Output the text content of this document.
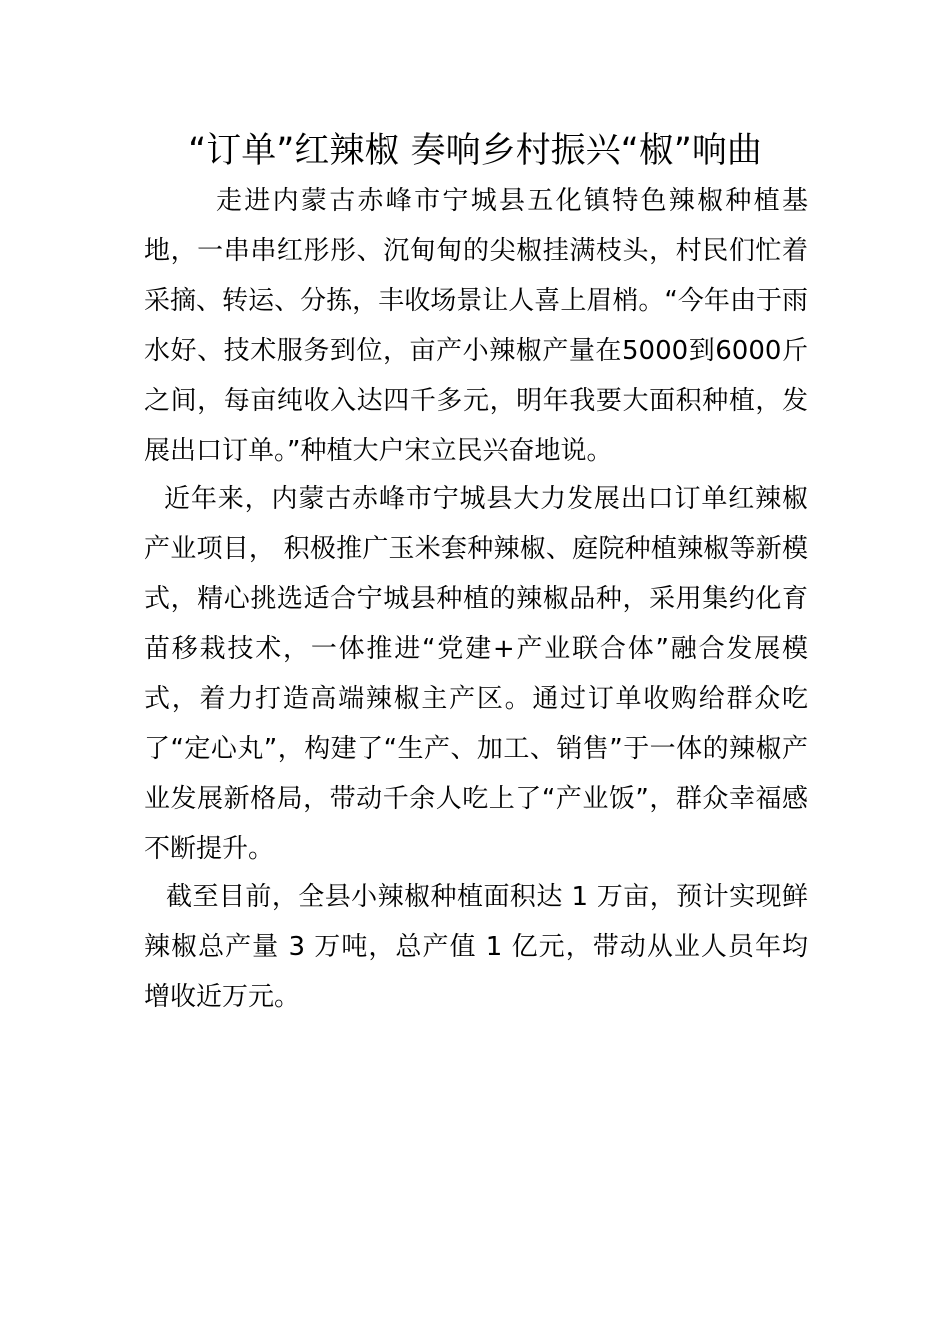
“订单”红辣椒 奏响乡村振兴“椒”响曲

走进内蒙古赤峰市宁城县五化镇特色辣椒种植基地，一串串红彤彤、沉甸甸的尖椒挂满枝头，村民们忙着采摘、转运、分拣，丰收场景让人喜上眉梢。“今年由于雨水好、技术服务到位，亩产小辣椒产量在5000到6000斤之间，每亩纯收入达四千多元，明年我要大面积种植，发展出口订单。”种植大户宋立民兴奋地说。

近年来，内蒙古赤峰市宁城县大力发展出口订单红辣椒产业项目， 积极推广玉米套种辣椒、庭院种植辣椒等新模式，精心挑选适合宁城县种植的辣椒品种，采用集约化育苗移栽技术，一体推进“党建+产业联合体”融合发展模式，着力打造高端辣椒主产区。通过订单收购给群众吃了“定心丸”，构建了“生产、加工、销售”于一体的辣椒产业发展新格局，带动千余人吃上了“产业饭”，群众幸福感不断提升。

截至目前，全县小辣椒种植面积达 1 万亩，预计实现鲜辣椒总产量 3 万吨，总产值 1 亿元，带动从业人员年均增收近万元。
